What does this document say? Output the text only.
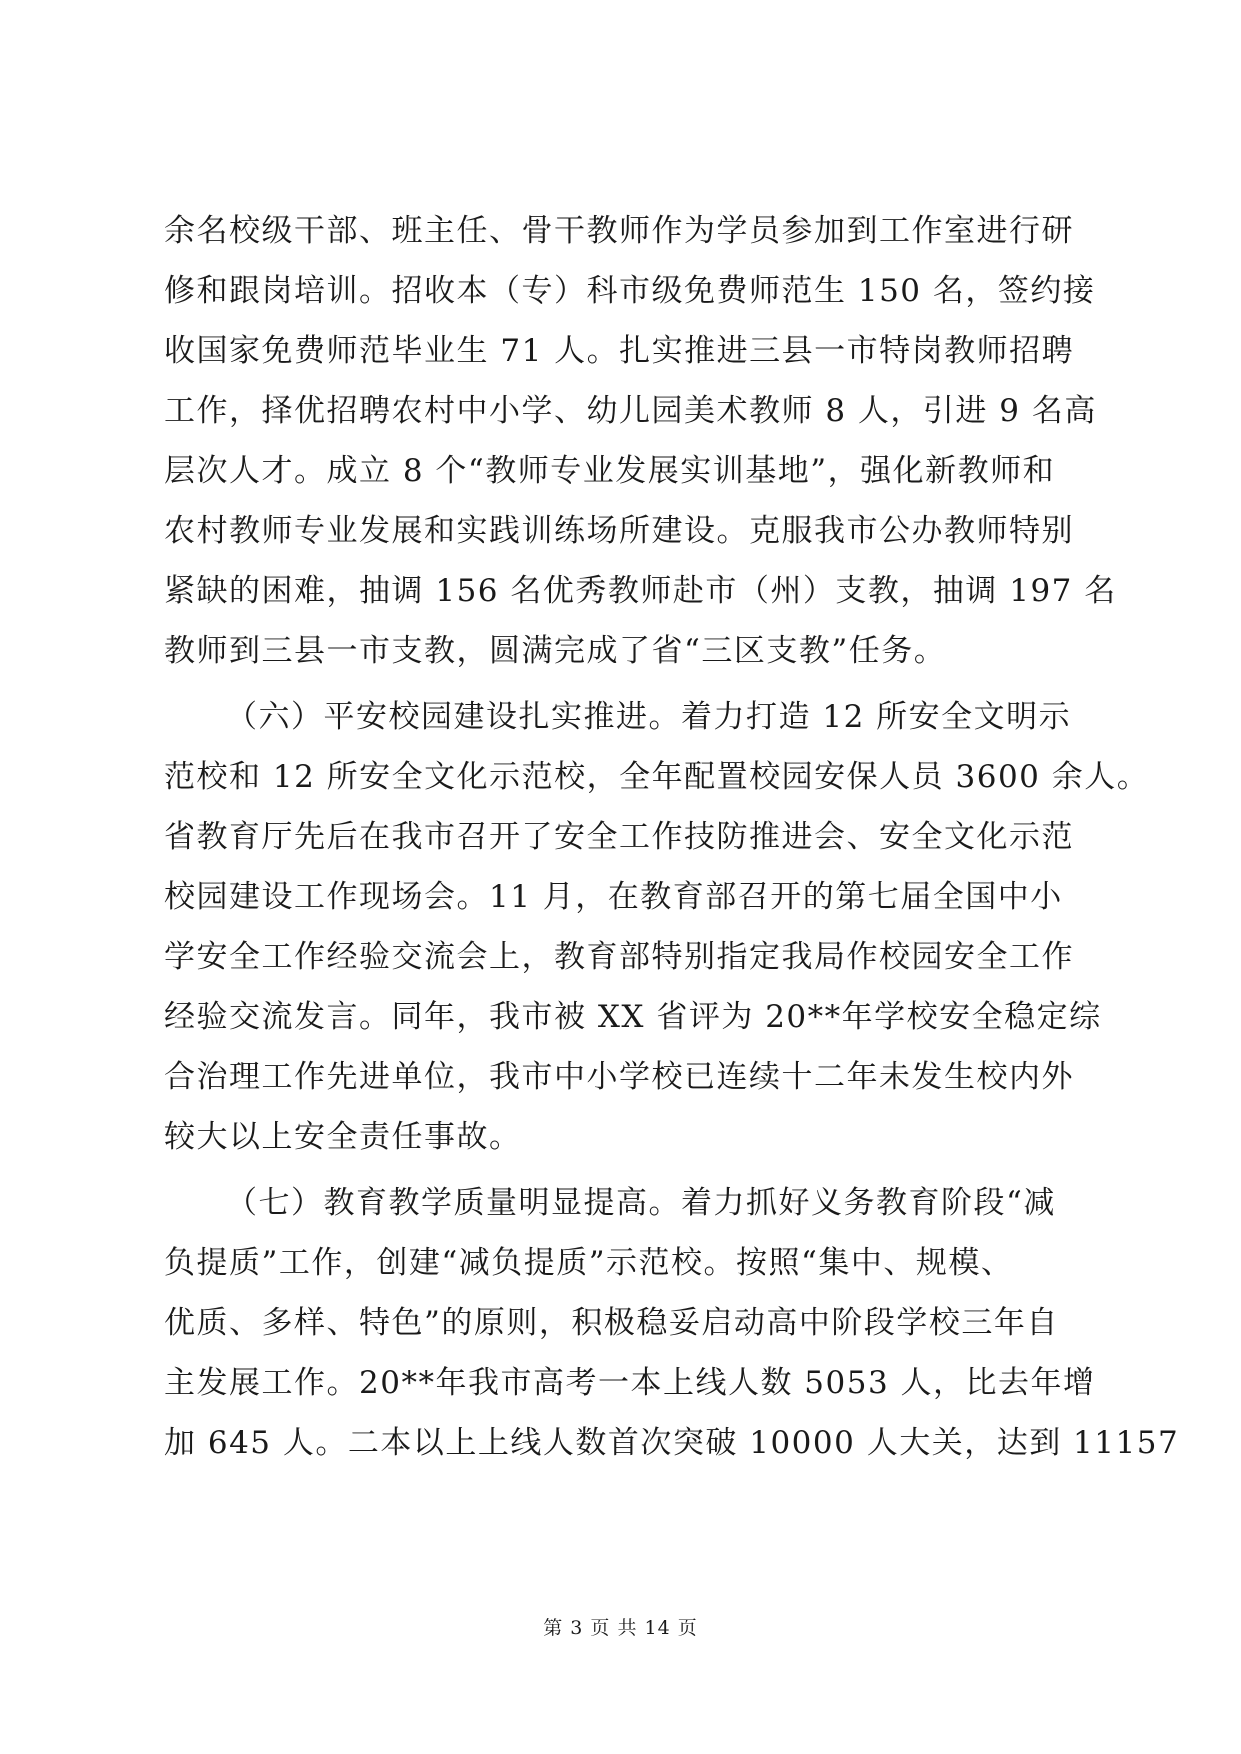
余名校级干部、班主任、骨干教师作为学员参加到工作室进行研
修和跟岗培训。招收本（专）科市级免费师范生 150 名，签约接
收国家免费师范毕业生 71 人。扎实推进三县一市特岗教师招聘
工作，择优招聘农村中小学、幼儿园美术教师 8 人，引进 9 名高
层次人才。成立 8 个“教师专业发展实训基地”，强化新教师和
农村教师专业发展和实践训练场所建设。克服我市公办教师特别
紧缺的困难，抽调 156 名优秀教师赴市（州）支教，抽调 197 名
教师到三县一市支教，圆满完成了省“三区支教”任务。
（六）平安校园建设扎实推进。着力打造 12 所安全文明示
范校和 12 所安全文化示范校，全年配置校园安保人员 3600 余人。
省教育厅先后在我市召开了安全工作技防推进会、安全文化示范
校园建设工作现场会。11 月，在教育部召开的第七届全国中小
学安全工作经验交流会上，教育部特别指定我局作校园安全工作
经验交流发言。同年，我市被 XX 省评为 20**年学校安全稳定综
合治理工作先进单位，我市中小学校已连续十二年未发生校内外
较大以上安全责任事故。
（七）教育教学质量明显提高。着力抓好义务教育阶段“减
负提质”工作，创建“减负提质”示范校。按照“集中、规模、
优质、多样、特色”的原则，积极稳妥启动高中阶段学校三年自
主发展工作。20**年我市高考一本上线人数 5053 人，比去年增
加 645 人。二本以上上线人数首次突破 10000 人大关，达到 11157
第 3 页 共 14 页
